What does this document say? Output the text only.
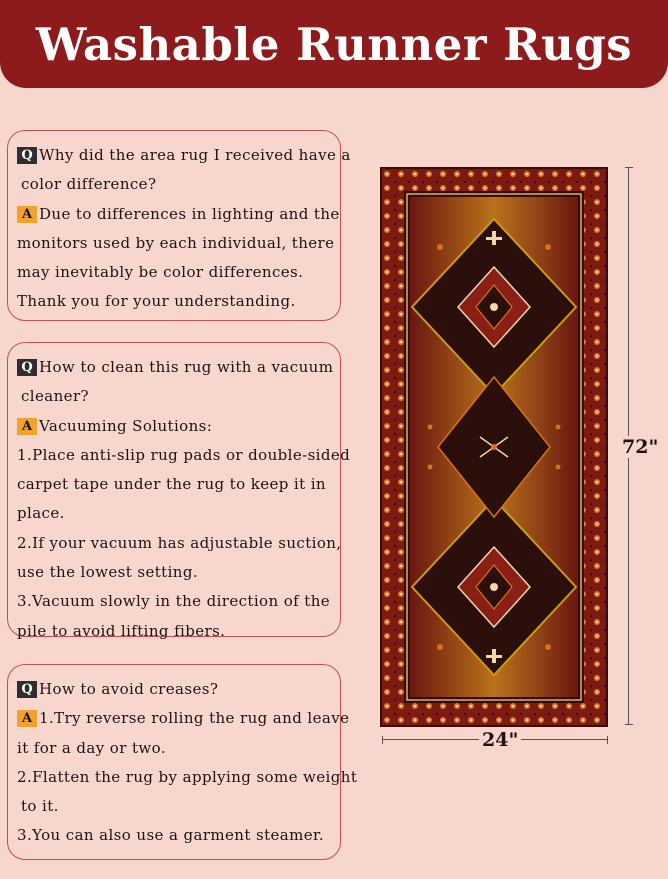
Washable Runner Rugs
Q Why did the area rug I received have a
color difference?
A Due to differences in lighting and the
monitors used by each individual, there
may inevitably be color differences.
Thank you for your understanding.
Q How to clean this rug with a vacuum
cleaner?
A Vacuuming Solutions:
1.Place anti-slip rug pads or double-sided
carpet tape under the rug to keep it in
place.
2.If your vacuum has adjustable suction,
use the lowest setting.
3.Vacuum slowly in the direction of the
pile to avoid lifting fibers.
Q How to avoid creases?
A 1.Try reverse rolling the rug and leave
it for a day or two.
2.Flatten the rug by applying some weight
to it.
3.You can also use a garment steamer.
72"
24"
